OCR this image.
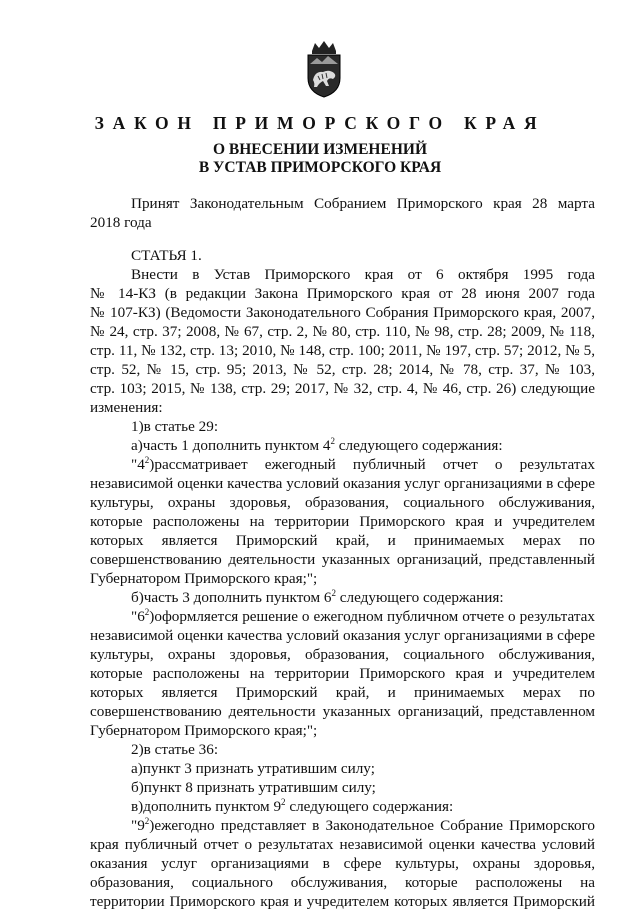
ЗАКОН ПРИМОРСКОГО КРАЯ
О ВНЕСЕНИИ ИЗМЕНЕНИЙ
В УСТАВ ПРИМОРСКОГО КРАЯ
Принят Законодательным Собранием Приморского края 28 марта
2018 года
СТАТЬЯ 1.
Внести в Устав Приморского края от 6 октября 1995 года
№ 14-КЗ (в редакции Закона Приморского края от 28 июня 2007 года
№ 107-КЗ) (Ведомости Законодательного Собрания Приморского края, 2007,
№ 24, стр. 37; 2008, № 67, стр. 2, № 80, стр. 110, № 98, стр. 28; 2009, № 118,
стр. 11, № 132, стр. 13; 2010, № 148, стр. 100; 2011, № 197, стр. 57; 2012, № 5,
стр. 52, № 15, стр. 95; 2013, № 52, стр. 28; 2014, № 78, стр. 37, № 103,
стр. 103; 2015, № 138, стр. 29; 2017, № 32, стр. 4, № 46, стр. 26) следующие
изменения:
1)в статье 29:
а)часть 1 дополнить пунктом $4^2$ следующего содержания:
"$4^2)рассматривает$ ежегодный публичный отчет о результатах
независимой оценки качества условий оказания услуг организациями в сфере
культуры, охраны здоровья, образования, социального обслуживания,
которые расположены на территории Приморского края и учредителем
которых является Приморский край, и принимаемых мерах по
совершенствованию деятельности указанных организаций, представленный
Губернатором Приморского края;";
б)часть 3 дополнить пунктом $6^2$ следующего содержания:
"$6^2)оформляется$ решение о ежегодном публичном отчете о результатах
независимой оценки качества условий оказания услуг организациями в сфере
культуры, охраны здоровья, образования, социального обслуживания,
которые расположены на территории Приморского края и учредителем
которых является Приморский край, и принимаемых мерах по
совершенствованию деятельности указанных организаций, представленном
Губернатором Приморского края;";
2)в статье 36:
а)пункт 3 признать утратившим силу;
б)пункт 8 признать утратившим силу;
в)дополнить пунктом $9^2$ следующего содержания:
"$9^2)ежегодно$ представляет в Законодательное Собрание Приморского
края публичный отчет о результатах независимой оценки качества условий
оказания услуг организациями в сфере культуры, охраны здоровья,
образования, социального обслуживания, которые расположены на
территории Приморского края и учредителем которых является Приморский
